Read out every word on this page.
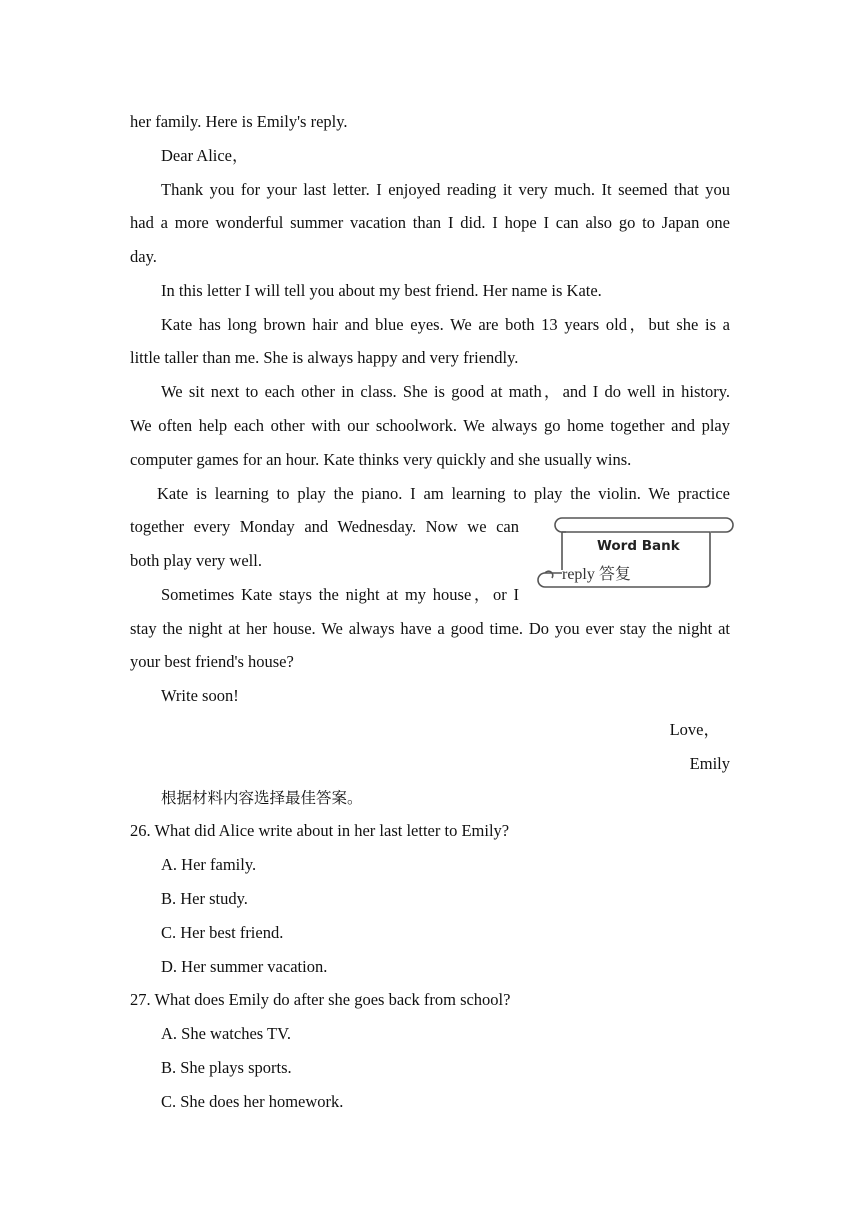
her family. Here is Emily's reply.
Dear Alice，
Thank you for your last letter. I enjoyed reading it very much. It seemed that you
had a more wonderful summer vacation than I did. I hope I can also go to Japan one
day.
In this letter I will tell you about my best friend. Her name is Kate.
Kate has long brown hair and blue eyes. We are both 13 years old，but she is a
little taller than me. She is always happy and very friendly.
We sit next to each other in class. She is good at math，and I do well in history.
We often help each other with our schoolwork. We always go home together and play
computer games for an hour. Kate thinks very quickly and she usually wins.
Kate is learning to play the piano. I am learning to play the violin. We practice
together every Monday and Wednesday. Now we can
both play very well.
Sometimes Kate stays the night at my house，or I
stay the night at her house. We always have a good time. Do you ever stay the night at
your best friend's house?
Write soon!
Love，
Emily
Word Bank
reply 答复
根据材料内容选择最佳答案。
26. What did Alice write about in her last letter to Emily?
A. Her family.
B. Her study.
C. Her best friend.
D. Her summer vacation.
27. What does Emily do after she goes back from school?
A. She watches TV.
B. She plays sports.
C. She does her homework.
